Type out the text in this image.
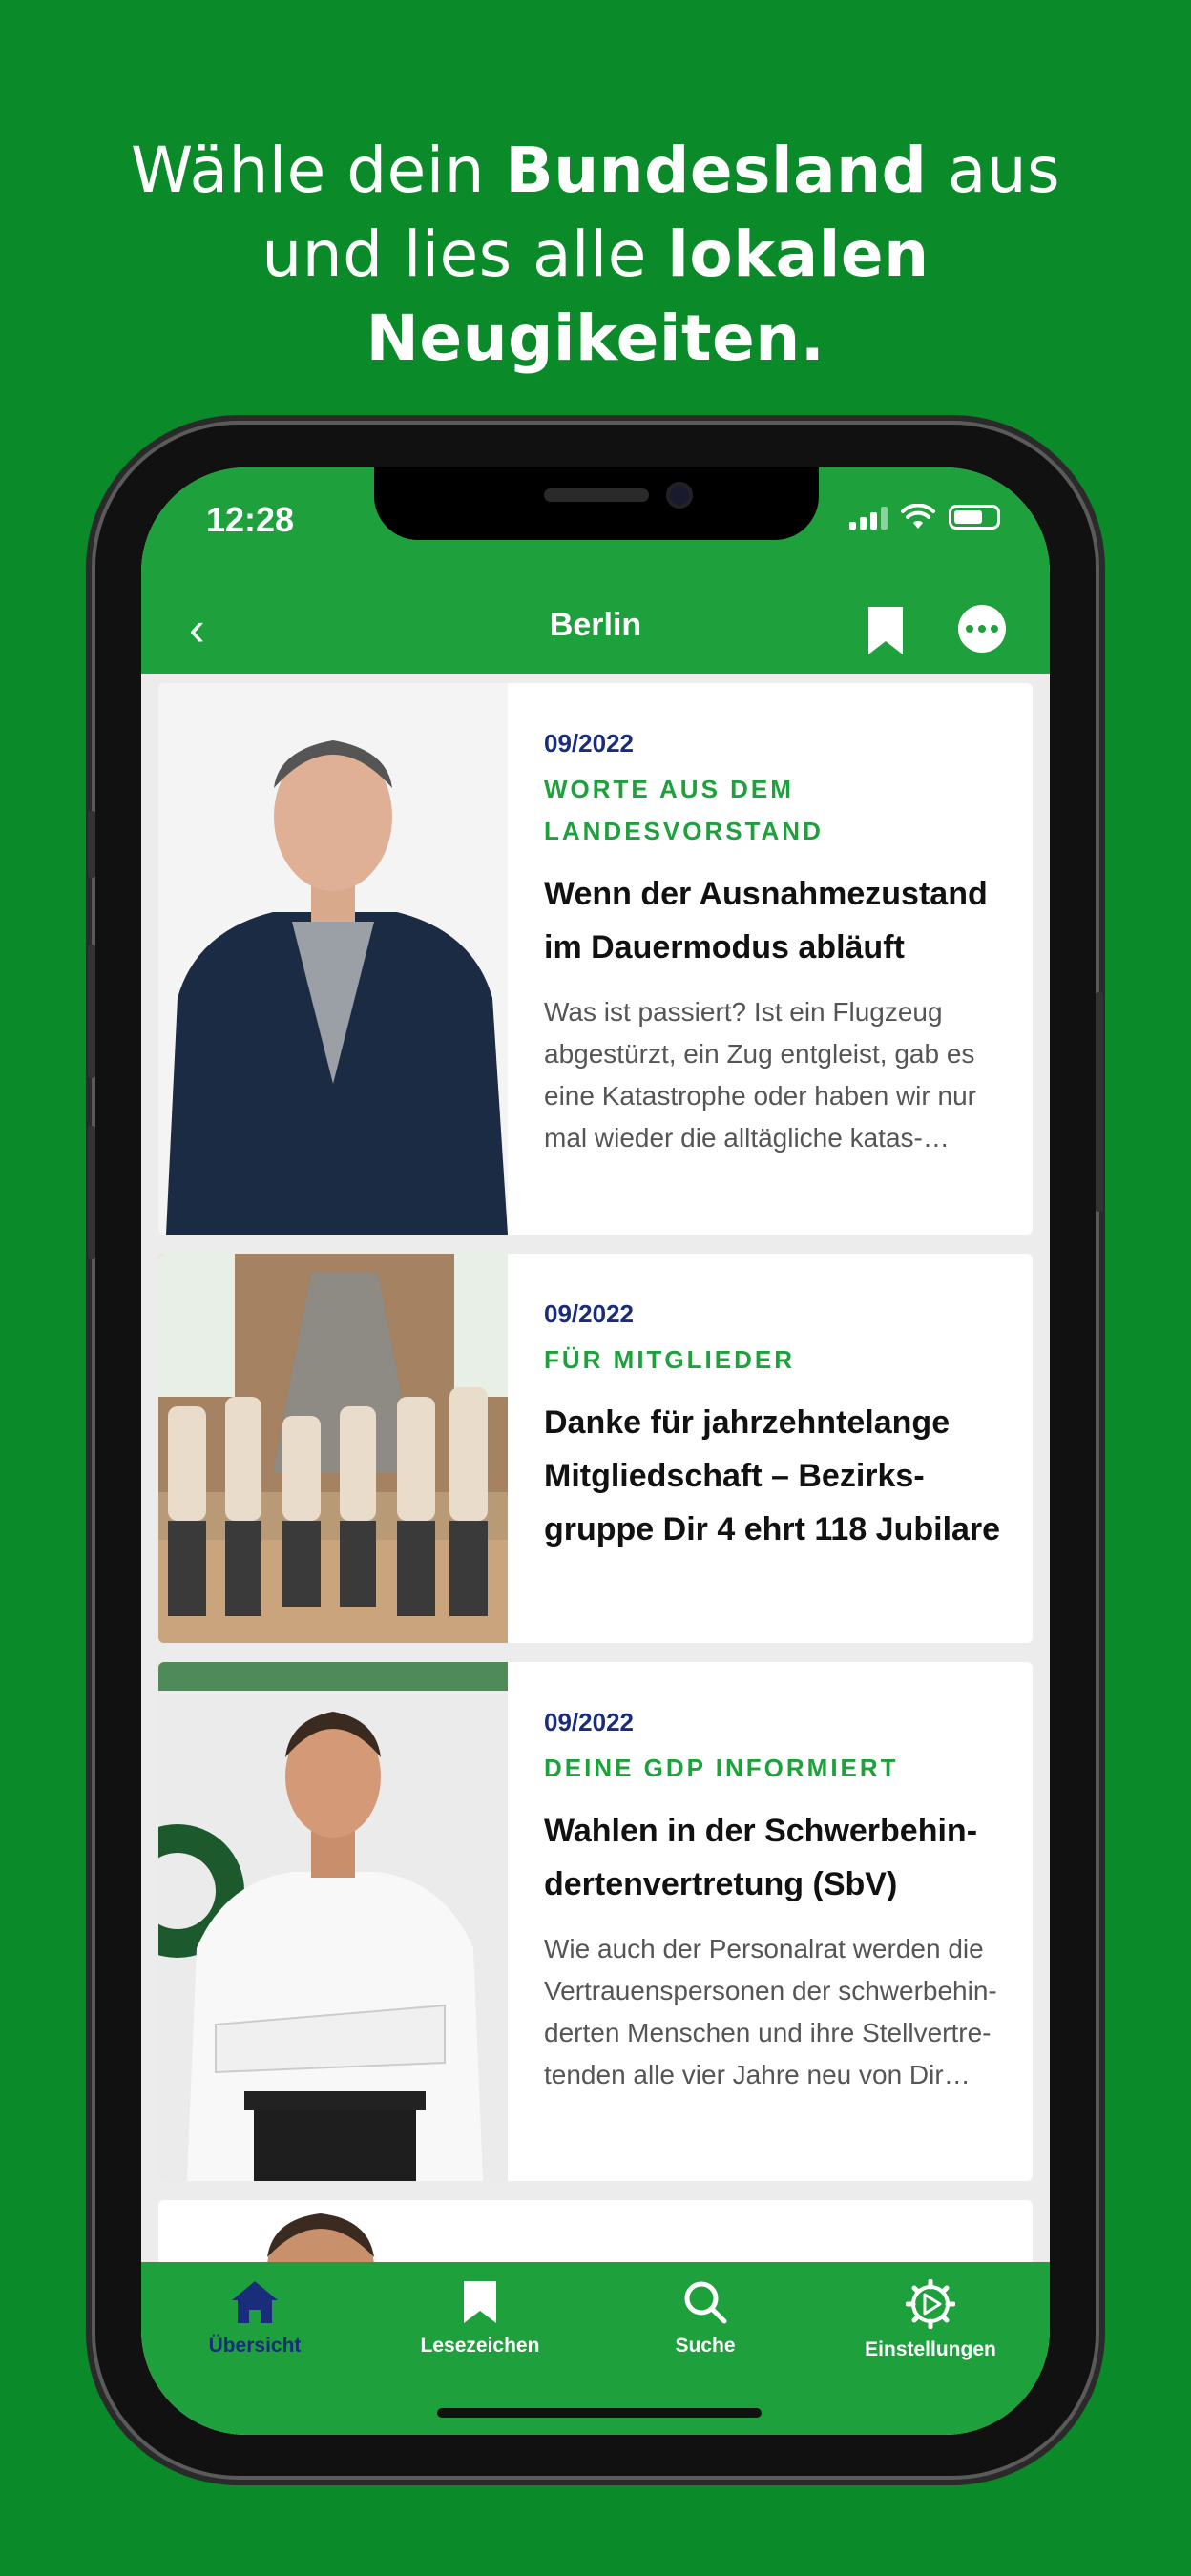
Wähle dein Bundesland aus
und lies alle lokalen
Neugikeiten.
12:28
‹	Berlin
09/2022
WORTE AUS DEM LANDESVORSTAND
Wenn der Ausnahmezustand im Dauermodus abläuft
Was ist passiert? Ist ein Flugzeug abgestürzt, ein Zug entgleist, gab es eine Katastrophe oder haben wir nur mal wieder die alltägliche katas-…
09/2022
FÜR MITGLIEDER
Danke für jahrzehntelange Mitgliedschaft – Bezirksgruppe Dir 4 ehrt 118 Jubilare
09/2022
DEINE GDP INFORMIERT
Wahlen in der Schwerbehindertenvertretung (SbV)
Wie auch der Personalrat werden die Vertrauenspersonen der schwerbehinderten Menschen und ihre Stellvertretenden alle vier Jahre neu von Dir…
Übersicht	Lesezeichen	Suche	Einstellungen
